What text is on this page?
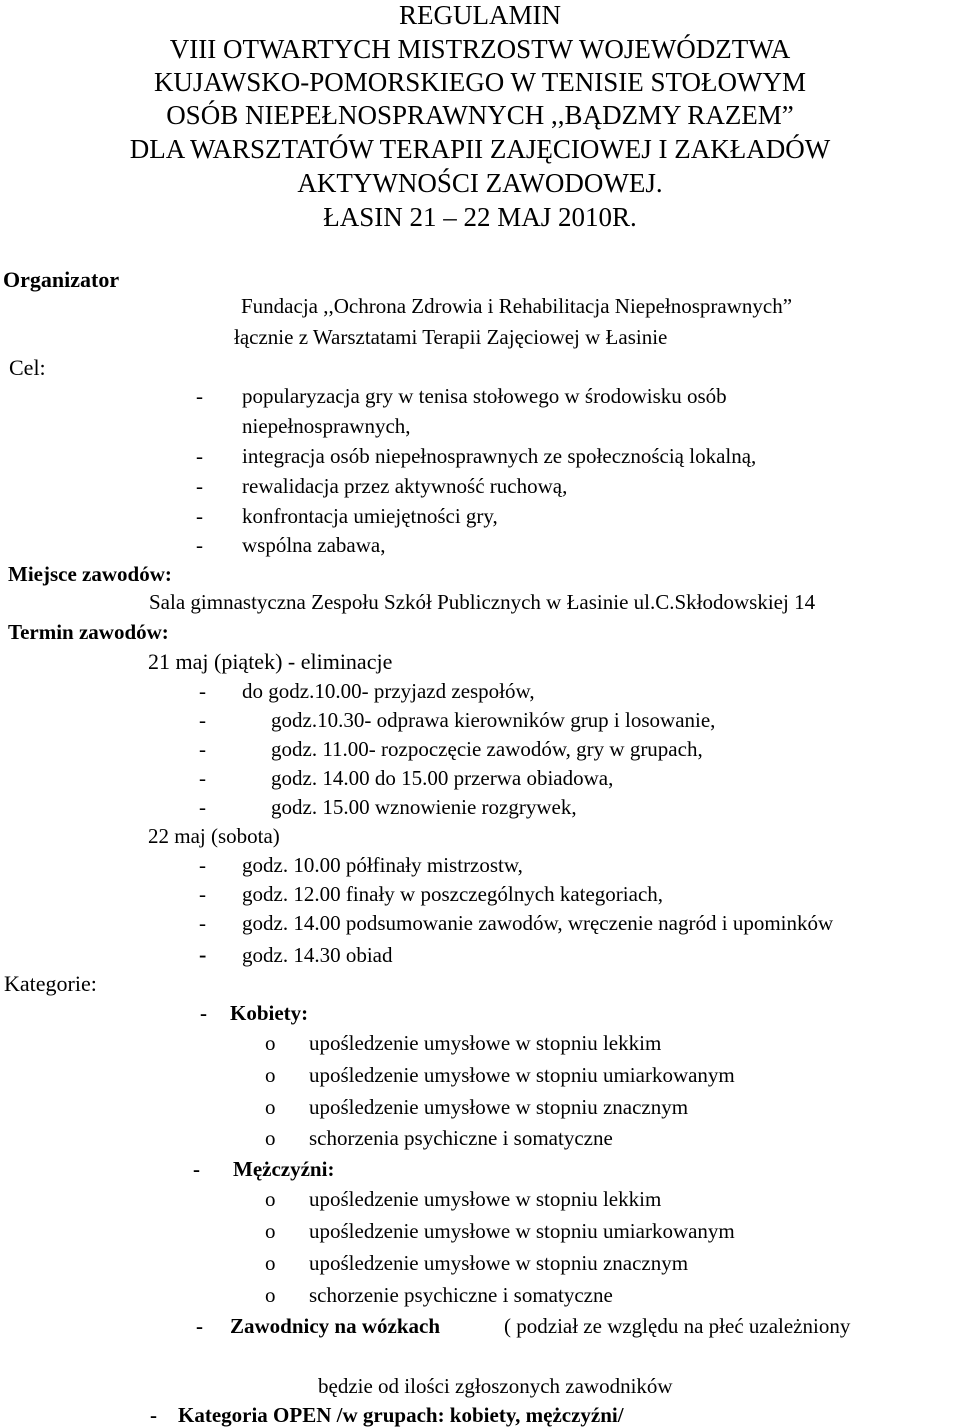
REGULAMIN
VIII OTWARTYCH MISTRZOSTW WOJEWÓDZTWA
KUJAWSKO-POMORSKIEGO W TENISIE STOŁOWYM
OSÓB NIEPEŁNOSPRAWNYCH ,,BĄDZMY RAZEM”
DLA WARSZTATÓW TERAPII ZAJĘCIOWEJ I ZAKŁADÓW
AKTYWNOŚCI ZAWODOWEJ.
ŁASIN 21 – 22 MAJ 2010R.
Organizator
Fundacja ,,Ochrona Zdrowia i Rehabilitacja Niepełnosprawnych”
łącznie z Warsztatami Terapii Zajęciowej w Łasinie
Cel:
- popularyzacja gry w tenisa stołowego w środowisku osób
niepełnosprawnych,
- integracja osób niepełnosprawnych ze społecznością lokalną,
- rewalidacja przez aktywność ruchową,
- konfrontacja umiejętności gry,
- wspólna zabawa,
Miejsce zawodów:
Sala gimnastyczna Zespołu Szkół Publicznych w Łasinie ul.C.Skłodowskiej 14
Termin zawodów:
21 maj (piątek) - eliminacje
- do godz.10.00- przyjazd zespołów,
-	godz.10.30- odprawa kierowników grup i losowanie,
-	godz. 11.00- rozpoczęcie zawodów, gry w grupach,
-	godz. 14.00 do 15.00 przerwa obiadowa,
-	godz. 15.00 wznowienie rozgrywek,
22 maj (sobota)
- godz. 10.00 półfinały mistrzostw,
- godz. 12.00 finały w poszczególnych kategoriach,
- godz. 14.00 podsumowanie zawodów, wręczenie nagród i upominków
- godz. 14.30 obiad
Kategorie:
- Kobiety:
o upośledzenie umysłowe w stopniu lekkim
o upośledzenie umysłowe w stopniu umiarkowanym
o upośledzenie umysłowe w stopniu znacznym
o schorzenia psychiczne i somatyczne
- Mężczyźni:
o upośledzenie umysłowe w stopniu lekkim
o upośledzenie umysłowe w stopniu umiarkowanym
o upośledzenie umysłowe w stopniu znacznym
o schorzenie psychiczne i somatyczne
- Zawodnicy na wózkach	( podział ze względu na płeć uzależniony
będzie od ilości zgłoszonych zawodników
- Kategoria OPEN /w grupach: kobiety, mężczyźni/
